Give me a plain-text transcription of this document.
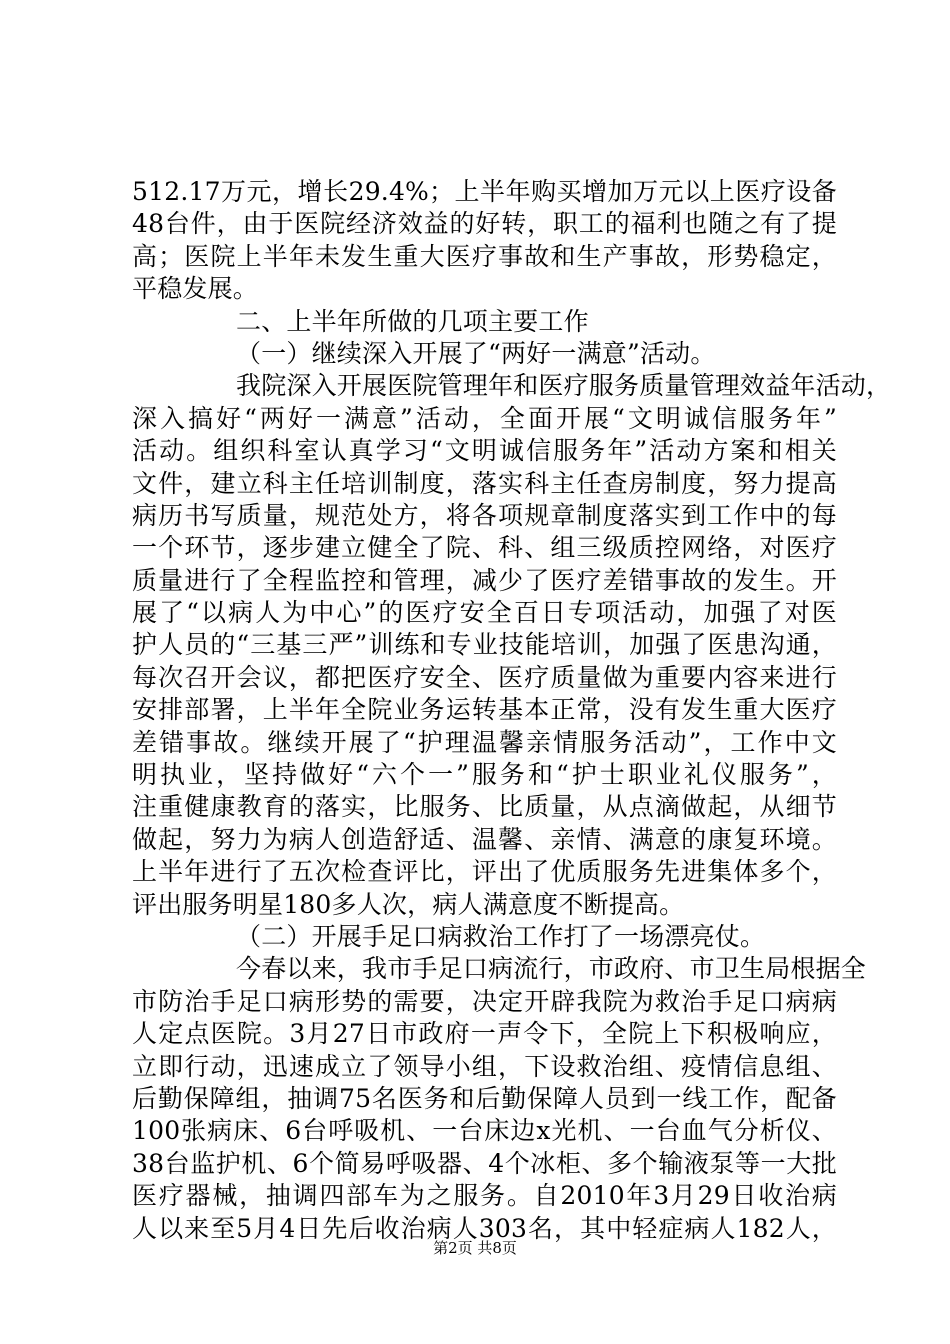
512.17万元，增长29.4%；上半年购买增加万元以上医疗设备
48台件，由于医院经济效益的好转，职工的福利也随之有了提
高；医院上半年未发生重大医疗事故和生产事故，形势稳定，
平稳发展。
二、上半年所做的几项主要工作
（一）继续深入开展了“两好一满意”活动。
我院深入开展医院管理年和医疗服务质量管理效益年活动，
深入搞好“两好一满意”活动，全面开展“文明诚信服务年”
活动。组织科室认真学习“文明诚信服务年”活动方案和相关
文件，建立科主任培训制度，落实科主任查房制度，努力提高
病历书写质量，规范处方，将各项规章制度落实到工作中的每
一个环节，逐步建立健全了院、科、组三级质控网络，对医疗
质量进行了全程监控和管理，减少了医疗差错事故的发生。开
展了“以病人为中心”的医疗安全百日专项活动，加强了对医
护人员的“三基三严”训练和专业技能培训，加强了医患沟通，
每次召开会议，都把医疗安全、医疗质量做为重要内容来进行
安排部署，上半年全院业务运转基本正常，没有发生重大医疗
差错事故。继续开展了“护理温馨亲情服务活动”，工作中文
明执业，坚持做好“六个一”服务和“护士职业礼仪服务”，
注重健康教育的落实，比服务、比质量，从点滴做起，从细节
做起，努力为病人创造舒适、温馨、亲情、满意的康复环境。
上半年进行了五次检查评比，评出了优质服务先进集体多个，
评出服务明星180多人次，病人满意度不断提高。
（二）开展手足口病救治工作打了一场漂亮仗。
今春以来，我市手足口病流行，市政府、市卫生局根据全
市防治手足口病形势的需要，决定开辟我院为救治手足口病病
人定点医院。3月27日市政府一声令下，全院上下积极响应，
立即行动，迅速成立了领导小组，下设救治组、疫情信息组、
后勤保障组，抽调75名医务和后勤保障人员到一线工作，配备
100张病床、6台呼吸机、一台床边x光机、一台血气分析仪、
38台监护机、6个简易呼吸器、4个冰柜、多个输液泵等一大批
医疗器械，抽调四部车为之服务。自2010年3月29日收治病
人以来至5月4日先后收治病人303名，其中轻症病人182人，
第2页 共8页
